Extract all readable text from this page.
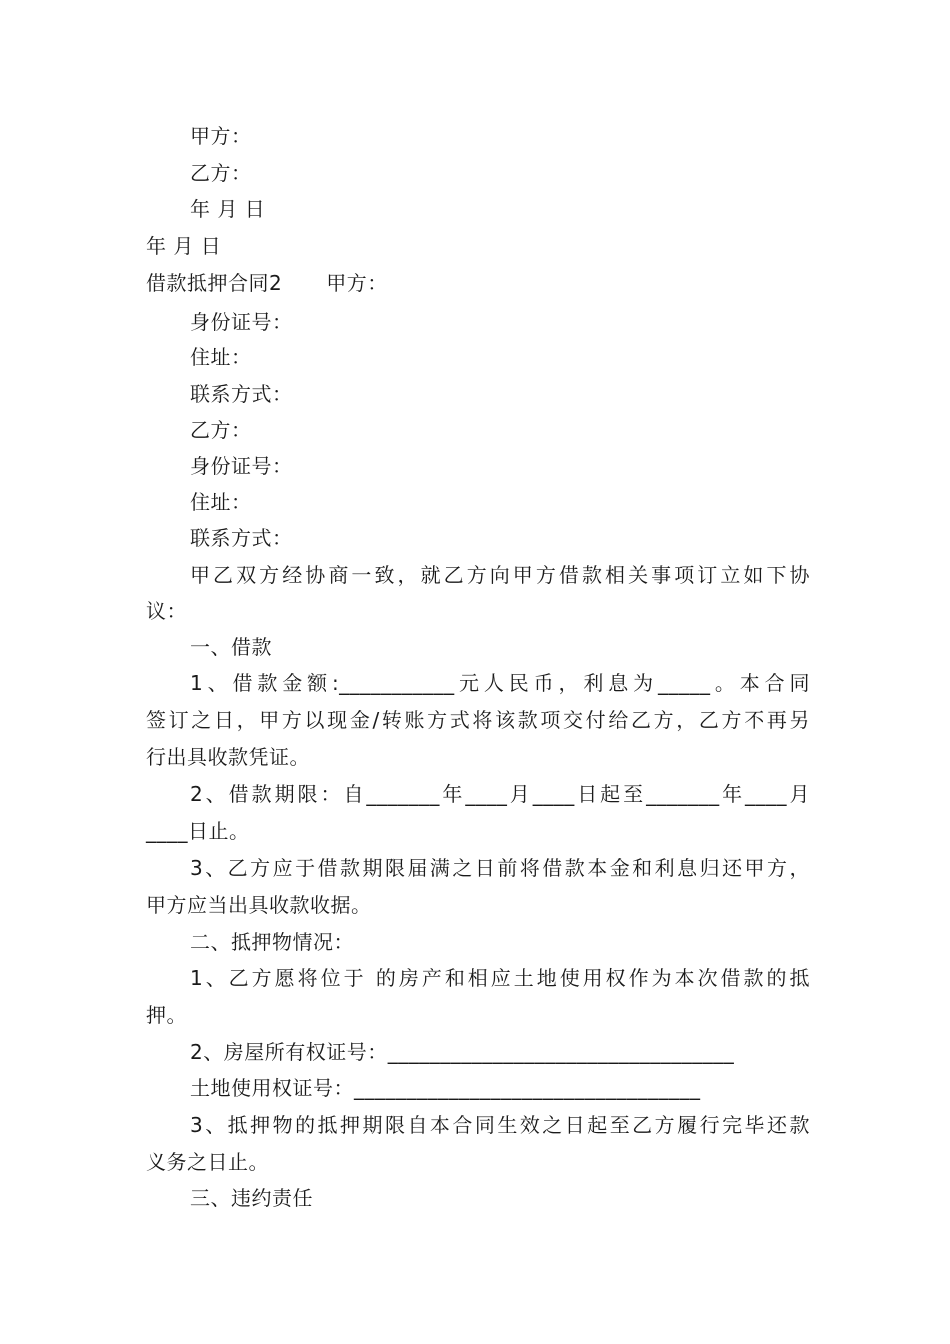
甲方：
乙方：
年 月 日
年 月 日
借款抵押合同2 甲方：
身份证号：
住址：
联系方式：
乙方：
身份证号：
住址：
联系方式：
甲乙双方经协商一致，就乙方向甲方借款相关事项订立如下协
议：
一、借款
1、借款金额:___________元人民币，利息为_____。本合同
签订之日，甲方以现金/转账方式将该款项交付给乙方，乙方不再另
行出具收款凭证。
2、借款期限：自_______年____月____日起至_______年____月
____日止。
3、乙方应于借款期限届满之日前将借款本金和利息归还甲方，
甲方应当出具收款收据。
二、抵押物情况：
1、乙方愿将位于 的房产和相应土地使用权作为本次借款的抵
押。
2、房屋所有权证号：_________________________________
土地使用权证号：_________________________________
3、抵押物的抵押期限自本合同生效之日起至乙方履行完毕还款
义务之日止。
三、违约责任
